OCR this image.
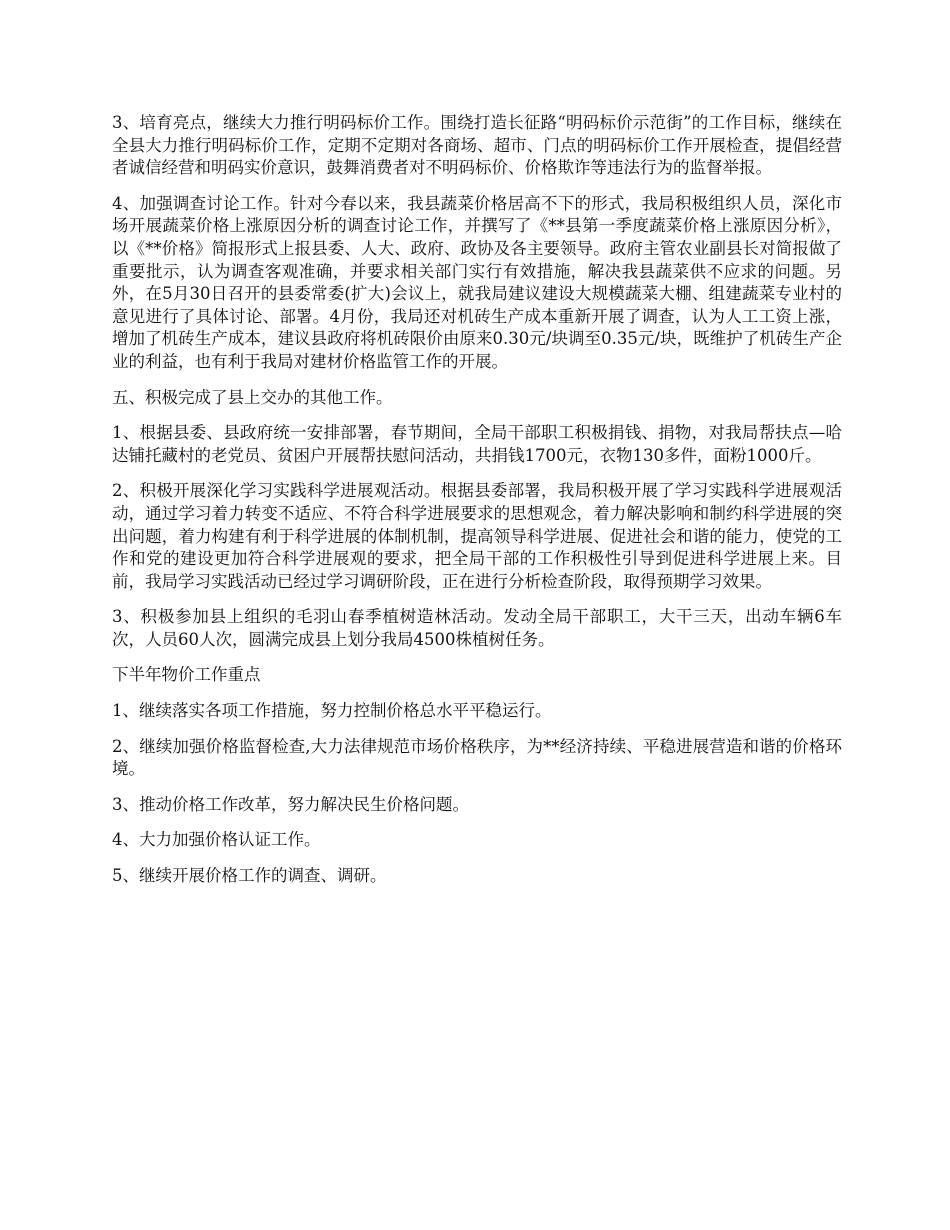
3、培育亮点，继续大力推行明码标价工作。围绕打造长征路“明码标价示范街”的工作目标，继续在全县大力推行明码标价工作，定期不定期对各商场、超市、门点的明码标价工作开展检查，提倡经营者诚信经营和明码实价意识，鼓舞消费者对不明码标价、价格欺诈等违法行为的监督举报。

4、加强调查讨论工作。针对今春以来，我县蔬菜价格居高不下的形式，我局积极组织人员，深化市场开展蔬菜价格上涨原因分析的调查讨论工作，并撰写了《**县第一季度蔬菜价格上涨原因分析》，以《**价格》简报形式上报县委、人大、政府、政协及各主要领导。政府主管农业副县长对简报做了重要批示，认为调查客观准确，并要求相关部门实行有效措施，解决我县蔬菜供不应求的问题。另外，在5月30日召开的县委常委(扩大)会议上，就我局建议建设大规模蔬菜大棚、组建蔬菜专业村的意见进行了具体讨论、部署。4月份，我局还对机砖生产成本重新开展了调查，认为人工工资上涨，增加了机砖生产成本，建议县政府将机砖限价由原来0.30元/块调至0.35元/块，既维护了机砖生产企业的利益，也有利于我局对建材价格监管工作的开展。

五、积极完成了县上交办的其他工作。

1、根据县委、县政府统一安排部署，春节期间，全局干部职工积极捐钱、捐物，对我局帮扶点—哈达铺托藏村的老党员、贫困户开展帮扶慰问活动，共捐钱1700元，衣物130多件，面粉1000斤。

2、积极开展深化学习实践科学进展观活动。根据县委部署，我局积极开展了学习实践科学进展观活动，通过学习着力转变不适应、不符合科学进展要求的思想观念，着力解决影响和制约科学进展的突出问题，着力构建有利于科学进展的体制机制，提高领导科学进展、促进社会和谐的能力，使党的工作和党的建设更加符合科学进展观的要求，把全局干部的工作积极性引导到促进科学进展上来。目前，我局学习实践活动已经过学习调研阶段，正在进行分析检查阶段，取得预期学习效果。

3、积极参加县上组织的毛羽山春季植树造林活动。发动全局干部职工，大干三天，出动车辆6车次，人员60人次，圆满完成县上划分我局4500株植树任务。

下半年物价工作重点

1、继续落实各项工作措施，努力控制价格总水平平稳运行。

2、继续加强价格监督检查,大力法律规范市场价格秩序，为**经济持续、平稳进展营造和谐的价格环境。

3、推动价格工作改革，努力解决民生价格问题。

4、大力加强价格认证工作。

5、继续开展价格工作的调查、调研。
